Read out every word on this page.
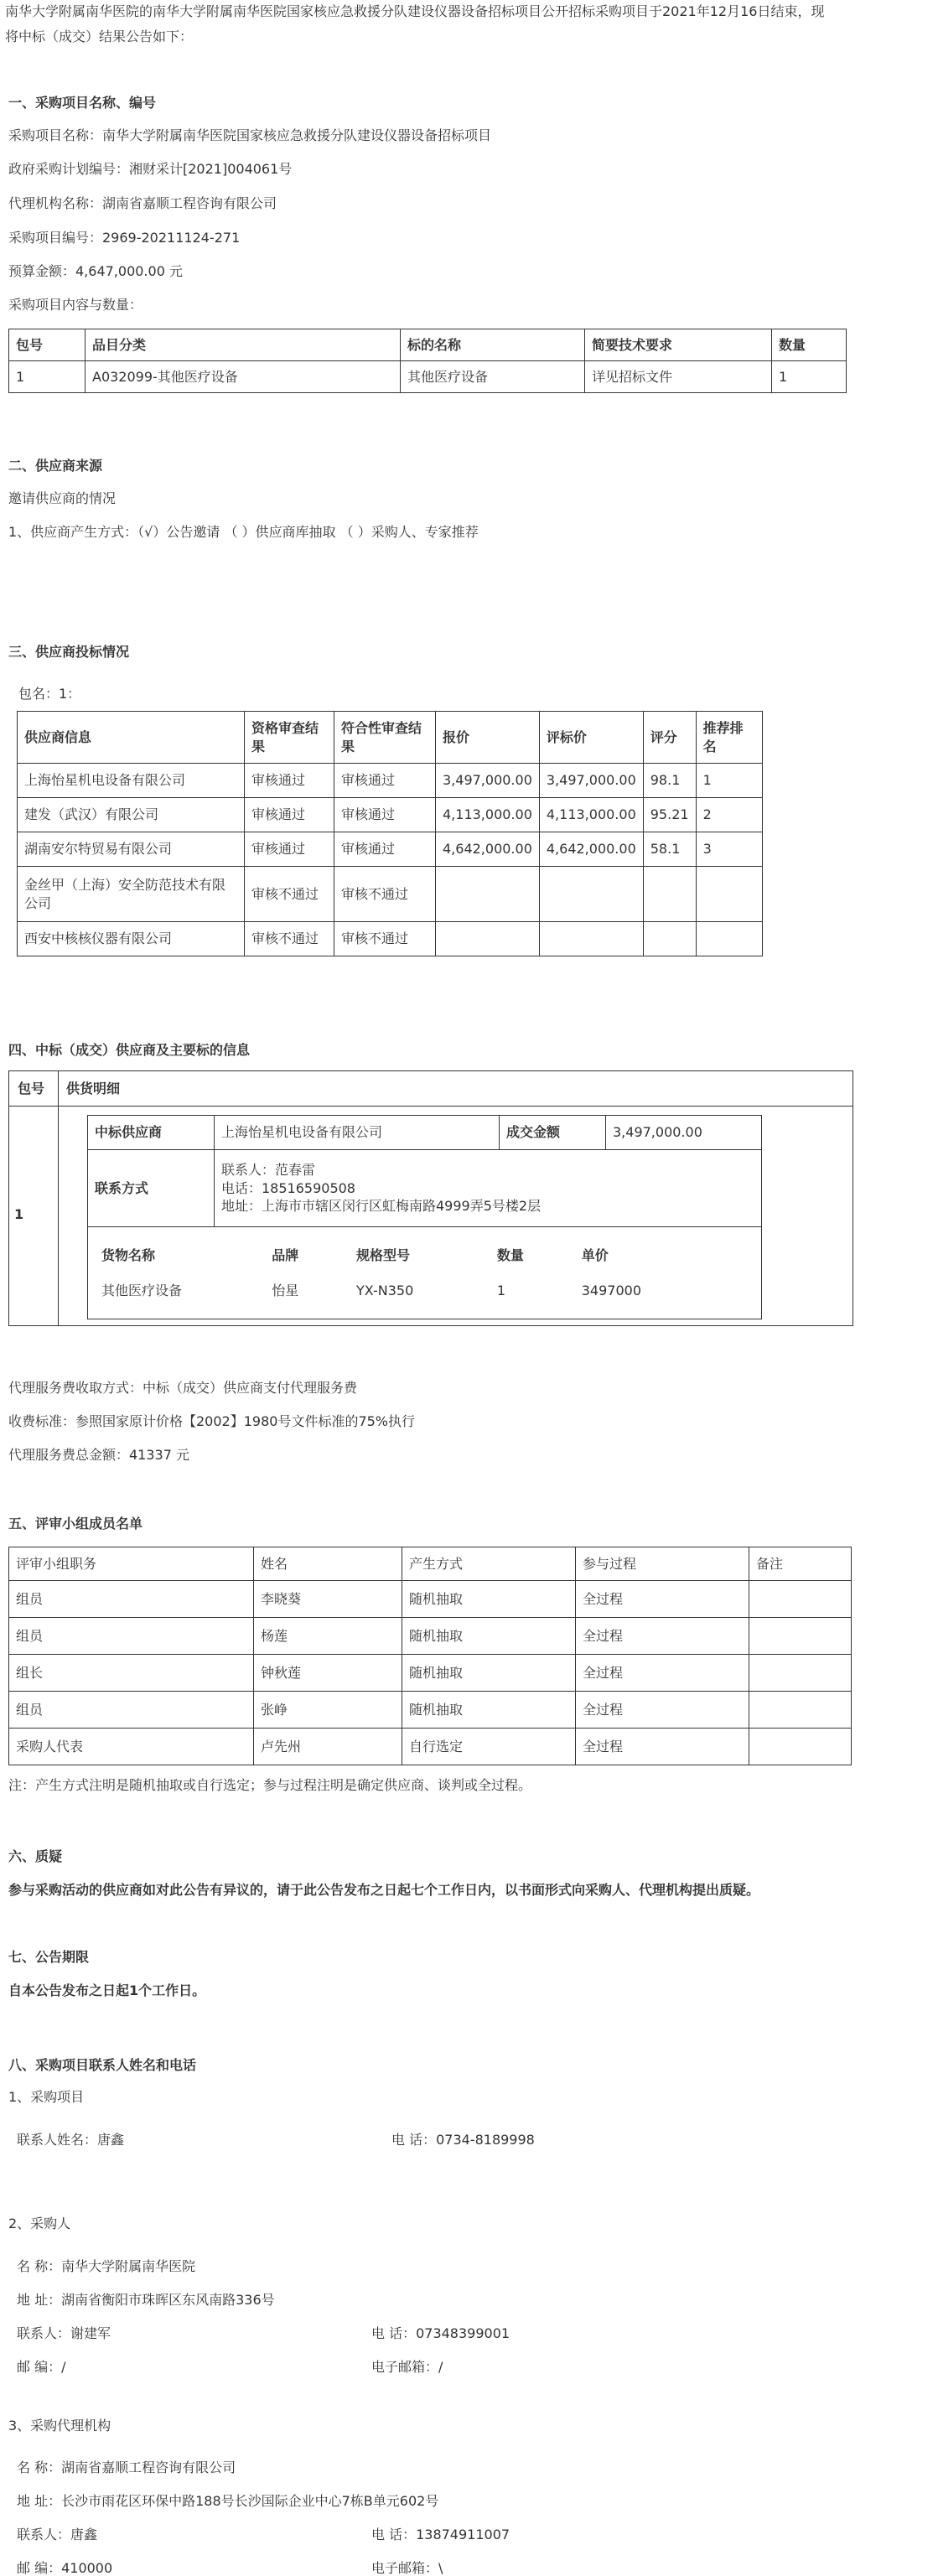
南华大学附属南华医院的南华大学附属南华医院国家核应急救援分队建设仪器设备招标项目公开招标采购项目于2021年12月16日结束，现
将中标（成交）结果公告如下：
一、采购项目名称、编号
采购项目名称：南华大学附属南华医院国家核应急救援分队建设仪器设备招标项目
政府采购计划编号：湘财采计[2021]004061号
代理机构名称：湖南省嘉顺工程咨询有限公司
采购项目编号：2969-20211124-271
预算金额：4,647,000.00 元
采购项目内容与数量：
包号	品目分类	标的名称	简要技术要求	数量
1	A032099-其他医疗设备	其他医疗设备	详见招标文件	1
二、供应商来源
邀请供应商的情况
1、供应商产生方式：（√）公告邀请 （ ）供应商库抽取 （ ）采购人、专家推荐
三、供应商投标情况
包名：1：
供应商信息	资格审查结果	符合性审查结果	报价	评标价	评分	推荐排名
上海怡星机电设备有限公司	审核通过	审核通过	3,497,000.00	3,497,000.00	98.1	1
建发（武汉）有限公司	审核通过	审核通过	4,113,000.00	4,113,000.00	95.21	2
湖南安尔特贸易有限公司	审核通过	审核通过	4,642,000.00	4,642,000.00	58.1	3
金丝甲（上海）安全防范技术有限公司	审核不通过	审核不通过				
西安中核核仪器有限公司	审核不通过	审核不通过				
四、中标（成交）供应商及主要标的信息
包号 供货明细
1
中标供应商	上海怡星机电设备有限公司	成交金额	3,497,000.00
联系方式	
联系人：范春雷
电话：18516590508
地址：上海市市辖区闵行区虹梅南路4999弄5号楼2层

货物名称	品牌	规格型号	数量	单价
其他医疗设备	怡星	YX-N350	1	3497000
代理服务费收取方式：中标（成交）供应商支付代理服务费
收费标准：参照国家原计价格【2002】1980号文件标准的75%执行
代理服务费总金额：41337 元
五、评审小组成员名单
评审小组职务	姓名	产生方式	参与过程	备注
组员	李晓葵	随机抽取	全过程	
组员	杨莲	随机抽取	全过程	
组长	钟秋莲	随机抽取	全过程	
组员	张峥	随机抽取	全过程	
采购人代表	卢先州	自行选定	全过程	
注：产生方式注明是随机抽取或自行选定；参与过程注明是确定供应商、谈判或全过程。
六、质疑
参与采购活动的供应商如对此公告有异议的，请于此公告发布之日起七个工作日内，以书面形式向采购人、代理机构提出质疑。
七、公告期限
自本公告发布之日起1个工作日。
八、采购项目联系人姓名和电话
1、采购项目
联系人姓名：唐鑫	电 话：0734-8189998
2、采购人
名 称：南华大学附属南华医院
地 址：湖南省衡阳市珠晖区东风南路336号
联系人：谢建军	电 话：07348399001
邮 编：/	电子邮箱：/
3、采购代理机构
名 称：湖南省嘉顺工程咨询有限公司
地 址：长沙市雨花区环保中路188号长沙国际企业中心7栋B单元602号
联系人：唐鑫	电 话：13874911007
邮 编：410000	电子邮箱：\
